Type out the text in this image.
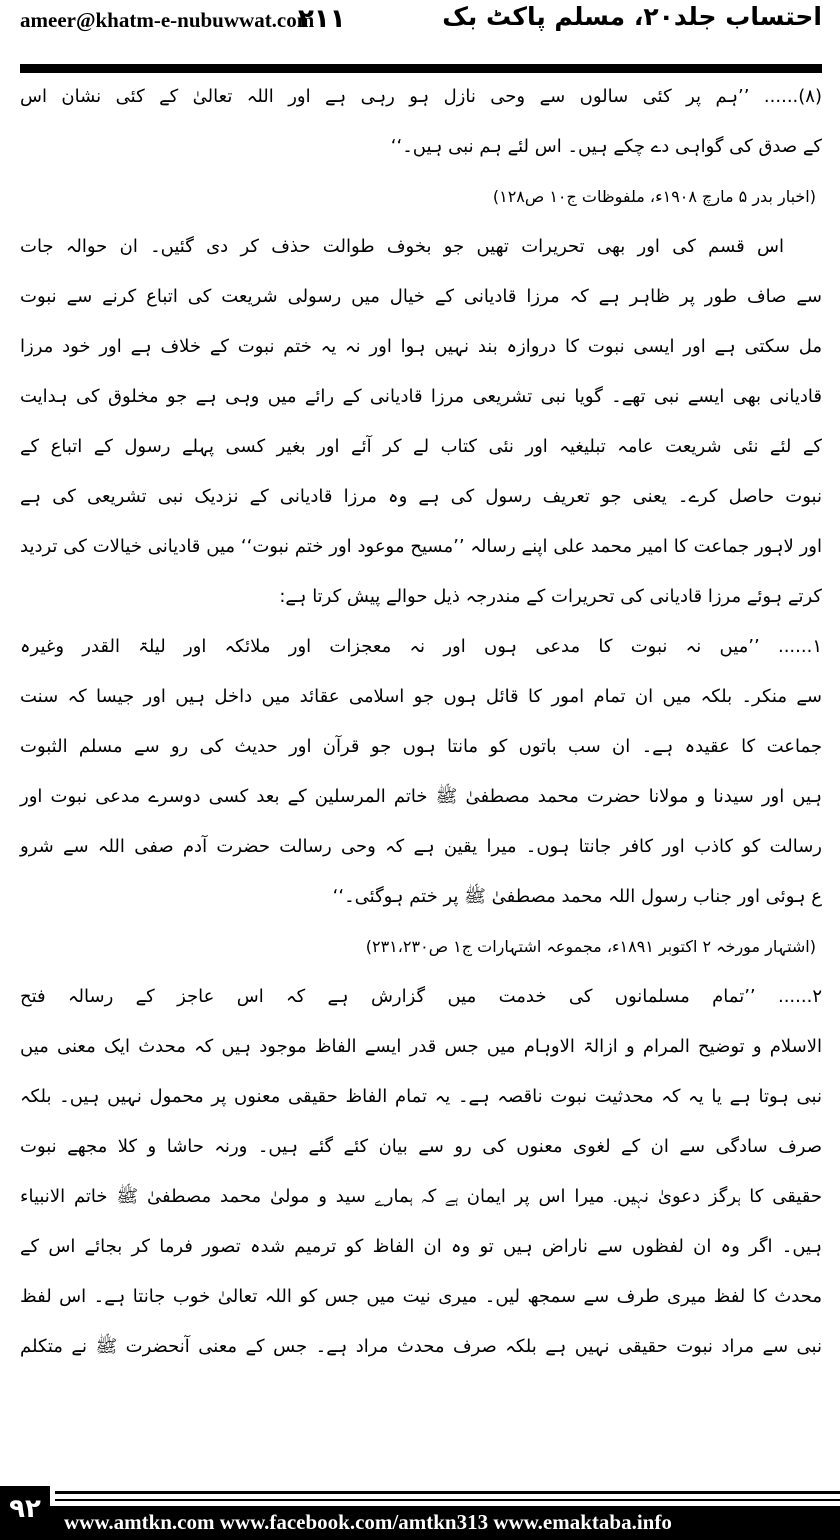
ameer@khatm-e-nubuwwat.com
۲۱۱	احتساب جلد۲۰، مسلم پاکٹ بک
(۸)...... ’’ہم پر کئی سالوں سے وحی نازل ہو رہی ہے اور اللہ تعالیٰ کے کئی نشان اس
کے صدق کی گواہی دے چکے ہیں۔ اس لئے ہم نبی ہیں۔‘‘
(اخبار بدر ۵ مارچ ۱۹۰۸ء، ملفوظات ج۱۰ ص۱۲۸)
اس قسم کی اور بھی تحریرات تھیں جو بخوف طوالت حذف کر دی گئیں۔ ان حوالہ جات
سے صاف طور پر ظاہر ہے کہ مرزا قادیانی کے خیال میں رسولی شریعت کی اتباع کرنے سے نبوت
مل سکتی ہے اور ایسی نبوت کا دروازہ بند نہیں ہوا اور نہ یہ ختم نبوت کے خلاف ہے اور خود مرزا
قادیانی بھی ایسے نبی تھے۔ گویا نبی تشریعی مرزا قادیانی کے رائے میں وہی ہے جو مخلوق کی ہدایت
کے لئے نئی شریعت عامہ تبلیغیہ اور نئی کتاب لے کر آئے اور بغیر کسی پہلے رسول کے اتباع کے
نبوت حاصل کرے۔ یعنی جو تعریف رسول کی ہے وہ مرزا قادیانی کے نزدیک نبی تشریعی کی ہے
اور لاہور جماعت کا امیر محمد علی اپنے رسالہ ’’مسیح موعود اور ختم نبوت‘‘ میں قادیانی خیالات کی تردید
کرتے ہوئے مرزا قادیانی کی تحریرات کے مندرجہ ذیل حوالے پیش کرتا ہے:
۱...... ’’میں نہ نبوت کا مدعی ہوں اور نہ معجزات اور ملائکہ اور لیلۃ القدر وغیرہ
سے منکر۔ بلکہ میں ان تمام امور کا قائل ہوں جو اسلامی عقائد میں داخل ہیں اور جیسا کہ سنت
جماعت کا عقیدہ ہے۔ ان سب باتوں کو مانتا ہوں جو قرآن اور حدیث کی رو سے مسلم الثبوت
ہیں اور سیدنا و مولانا حضرت محمد مصطفیٰ ﷺ خاتم المرسلین کے بعد کسی دوسرے مدعی نبوت اور
رسالت کو کاذب اور کافر جانتا ہوں۔ میرا یقین ہے کہ وحی رسالت حضرت آدم صفی اللہ سے شرو
ع ہوئی اور جناب رسول اللہ محمد مصطفیٰ ﷺ پر ختم ہوگئی۔‘‘
(اشتہار مورخہ ۲ اکتوبر ۱۸۹۱ء، مجموعہ اشتہارات ج۱ ص۲۳۱،۲۳۰)
۲...... ’’تمام مسلمانوں کی خدمت میں گزارش ہے کہ اس عاجز کے رسالہ فتح
الاسلام و توضیح المرام و ازالۃ الاوہام میں جس قدر ایسے الفاظ موجود ہیں کہ محدث ایک معنی میں
نبی ہوتا ہے یا یہ کہ محدثیت نبوت ناقصہ ہے۔ یہ تمام الفاظ حقیقی معنوں پر محمول نہیں ہیں۔ بلکہ
صرف سادگی سے ان کے لغوی معنوں کی رو سے بیان کئے گئے ہیں۔ ورنہ حاشا و کلا مجھے نبوت
حقیقی کا ہرگز دعویٰ نہیں۔ میرا اس پر ایمان ہے کہ ہمارے سید و مولیٰ محمد مصطفیٰ ﷺ خاتم الانبیاء
ہیں۔ اگر وہ ان لفظوں سے ناراض ہیں تو وہ ان الفاظ کو ترمیم شدہ تصور فرما کر بجائے اس کے
محدث کا لفظ میری طرف سے سمجھ لیں۔ میری نیت میں جس کو اللہ تعالیٰ خوب جانتا ہے۔ اس لفظ
نبی سے مراد نبوت حقیقی نہیں ہے بلکہ صرف محدث مراد ہے۔ جس کے معنی آنحضرت ﷺ نے متکلم
۹۲	www.amtkn.com www.facebook.com/amtkn313 www.emaktaba.info
